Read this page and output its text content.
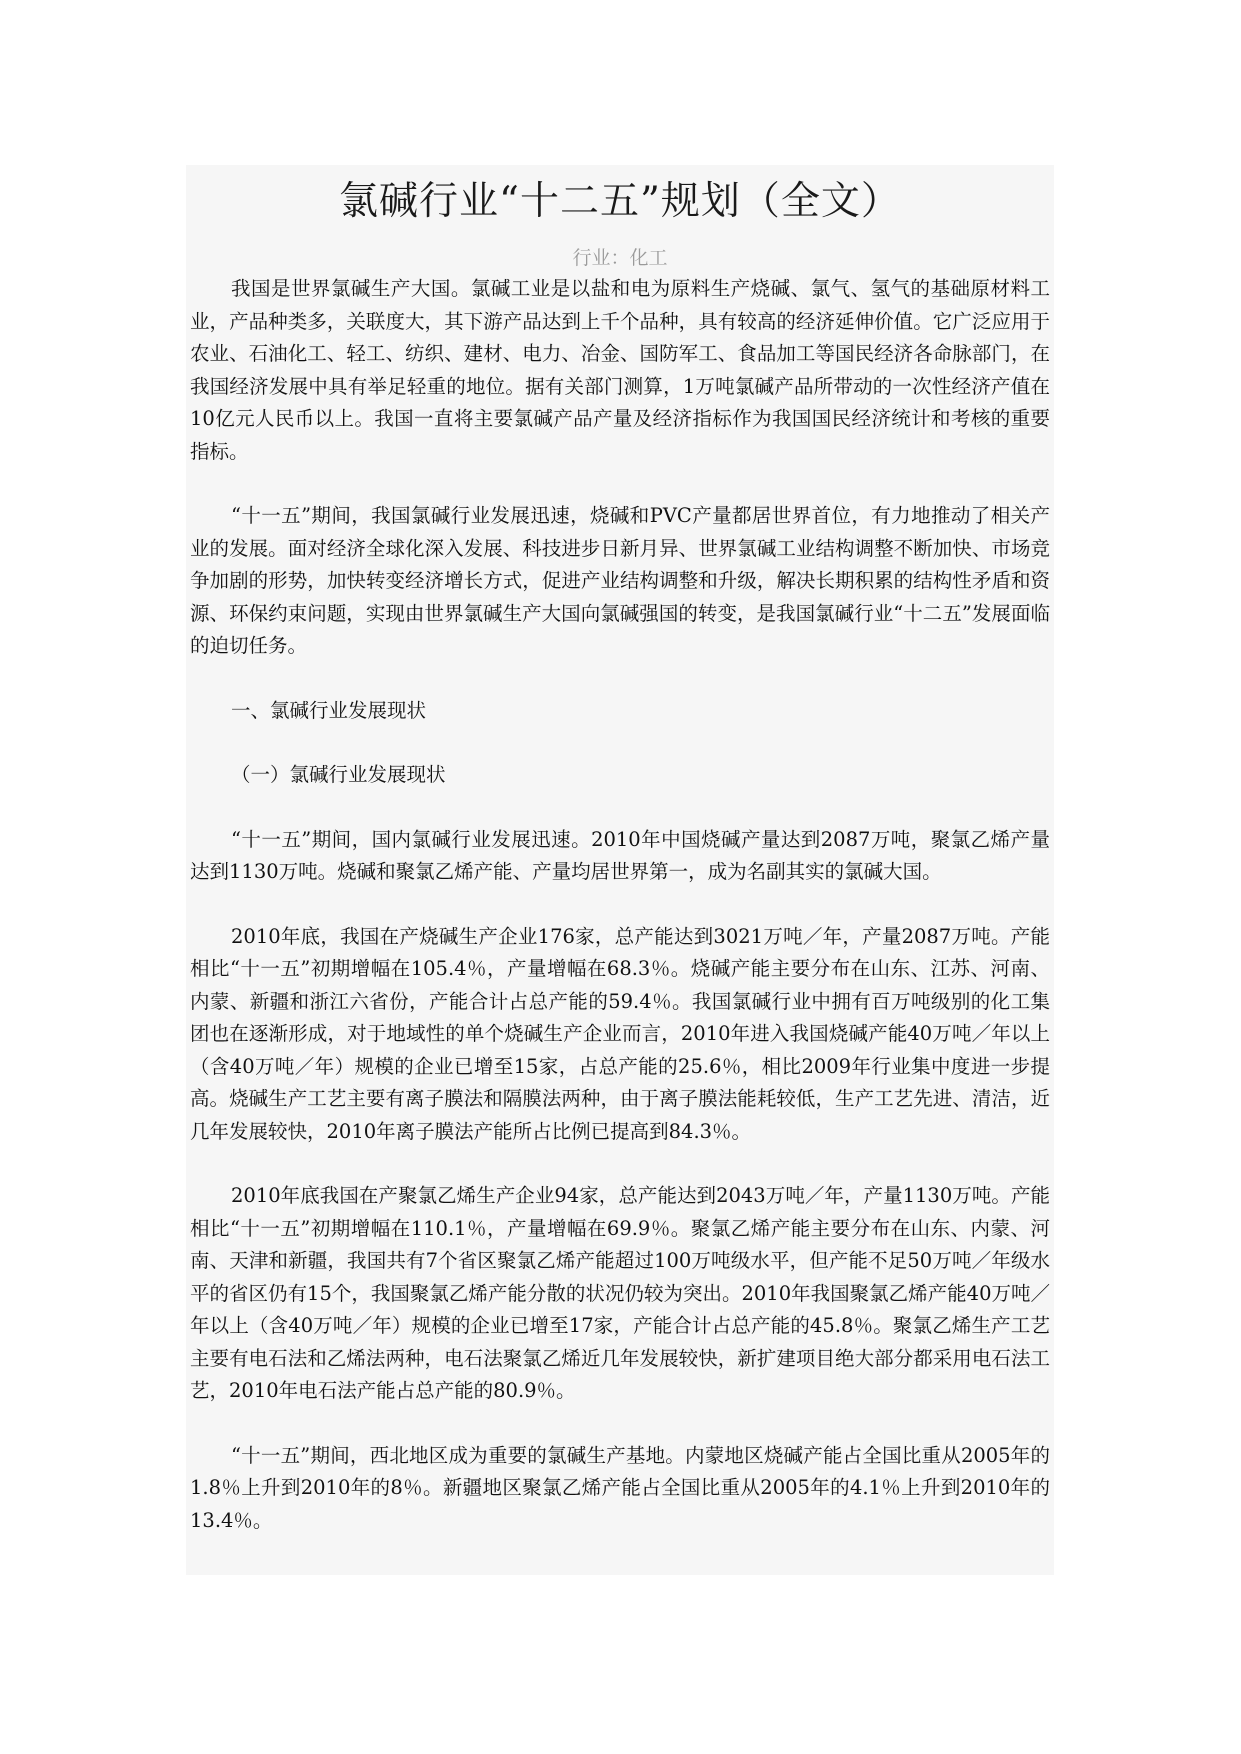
氯碱行业“十二五”规划（全文）
行业：化工

我国是世界氯碱生产大国。氯碱工业是以盐和电为原料生产烧碱、氯气、氢气的基础原材料工业，产品种类多，关联度大，其下游产品达到上千个品种，具有较高的经济延伸价值。它广泛应用于农业、石油化工、轻工、纺织、建材、电力、冶金、国防军工、食品加工等国民经济各命脉部门，在我国经济发展中具有举足轻重的地位。据有关部门测算，1万吨氯碱产品所带动的一次性经济产值在10亿元人民币以上。我国一直将主要氯碱产品产量及经济指标作为我国国民经济统计和考核的重要指标。

“十一五”期间，我国氯碱行业发展迅速，烧碱和PVC产量都居世界首位，有力地推动了相关产业的发展。面对经济全球化深入发展、科技进步日新月异、世界氯碱工业结构调整不断加快、市场竞争加剧的形势，加快转变经济增长方式，促进产业结构调整和升级，解决长期积累的结构性矛盾和资源、环保约束问题，实现由世界氯碱生产大国向氯碱强国的转变，是我国氯碱行业“十二五”发展面临的迫切任务。

一、氯碱行业发展现状

（一）氯碱行业发展现状

“十一五”期间，国内氯碱行业发展迅速。2010年中国烧碱产量达到2087万吨，聚氯乙烯产量达到1130万吨。烧碱和聚氯乙烯产能、产量均居世界第一，成为名副其实的氯碱大国。

2010年底，我国在产烧碱生产企业176家，总产能达到3021万吨／年，产量2087万吨。产能相比“十一五”初期增幅在105.4％，产量增幅在68.3％。烧碱产能主要分布在山东、江苏、河南、内蒙、新疆和浙江六省份，产能合计占总产能的59.4％。我国氯碱行业中拥有百万吨级别的化工集团也在逐渐形成，对于地域性的单个烧碱生产企业而言，2010年进入我国烧碱产能40万吨／年以上（含40万吨／年）规模的企业已增至15家，占总产能的25.6％，相比2009年行业集中度进一步提高。烧碱生产工艺主要有离子膜法和隔膜法两种，由于离子膜法能耗较低，生产工艺先进、清洁，近几年发展较快，2010年离子膜法产能所占比例已提高到84.3％。

2010年底我国在产聚氯乙烯生产企业94家，总产能达到2043万吨／年，产量1130万吨。产能相比“十一五”初期增幅在110.1％，产量增幅在69.9％。聚氯乙烯产能主要分布在山东、内蒙、河南、天津和新疆，我国共有7个省区聚氯乙烯产能超过100万吨级水平，但产能不足50万吨／年级水平的省区仍有15个，我国聚氯乙烯产能分散的状况仍较为突出。2010年我国聚氯乙烯产能40万吨／年以上（含40万吨／年）规模的企业已增至17家，产能合计占总产能的45.8％。聚氯乙烯生产工艺主要有电石法和乙烯法两种，电石法聚氯乙烯近几年发展较快，新扩建项目绝大部分都采用电石法工艺，2010年电石法产能占总产能的80.9％。

“十一五”期间，西北地区成为重要的氯碱生产基地。内蒙地区烧碱产能占全国比重从2005年的1.8％上升到2010年的8％。新疆地区聚氯乙烯产能占全国比重从2005年的4.1％上升到2010年的13.4％。
